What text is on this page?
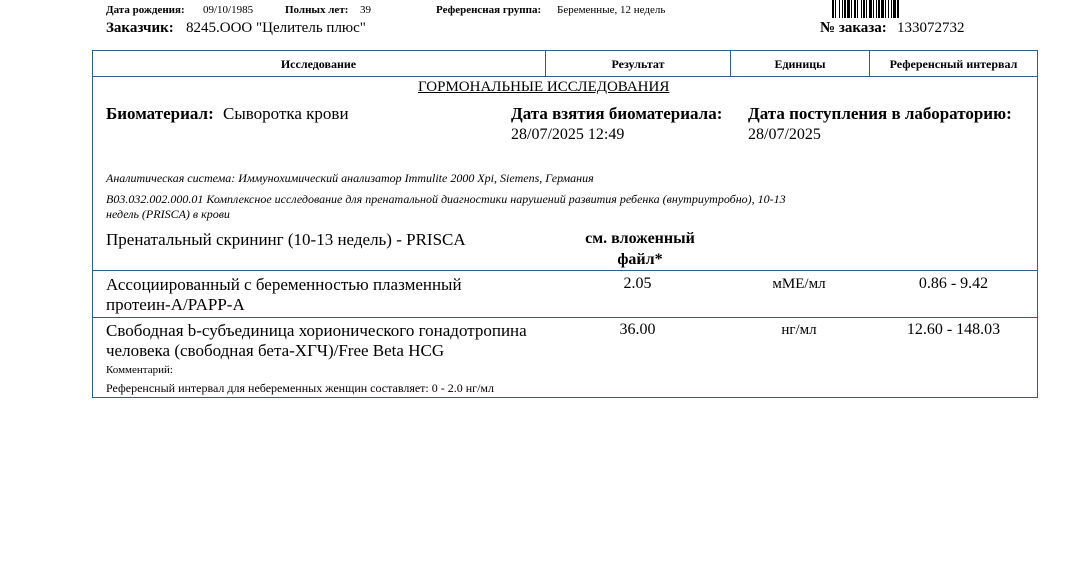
Дата рождения: 09/10/1985	Полных лет: 39	Референсная группа: Беременные, 12 недель
Заказчик: 8245.ООО "Целитель плюс"	№ заказа: 133072732
Исследование	Результат	Единицы	Референсный интервал
ГОРМОНАЛЬНЫЕ ИССЛЕДОВАНИЯ
Биоматериал: Сыворотка крови	Дата взятия биоматериала:
28/07/2025 12:49
Дата поступления в лабораторию:
28/07/2025
Аналитическая система: Иммунохимический анализатор Immulite 2000 Xpi, Siemens, Германия
B03.032.002.000.01 Комплексное исследование для пренатальной диагностики нарушений развития ребенка (внутриутробно), 10-13
недель (PRISCA) в крови
Пренатальный скрининг (10-13 недель) - PRISCA	см. вложенный
файл*
Ассоциированный с беременностью плазменный
протеин-А/PAPP-A
2.05	мМЕ/мл	0.86 - 9.42
Свободная b-субъединица хорионического гонадотропина
человека (свободная бета-ХГЧ)/Free Beta HCG
36.00	нг/мл	12.60 - 148.03
Комментарий:
Референсный интервал для небеременных женщин составляет: 0 - 2.0 нг/мл
